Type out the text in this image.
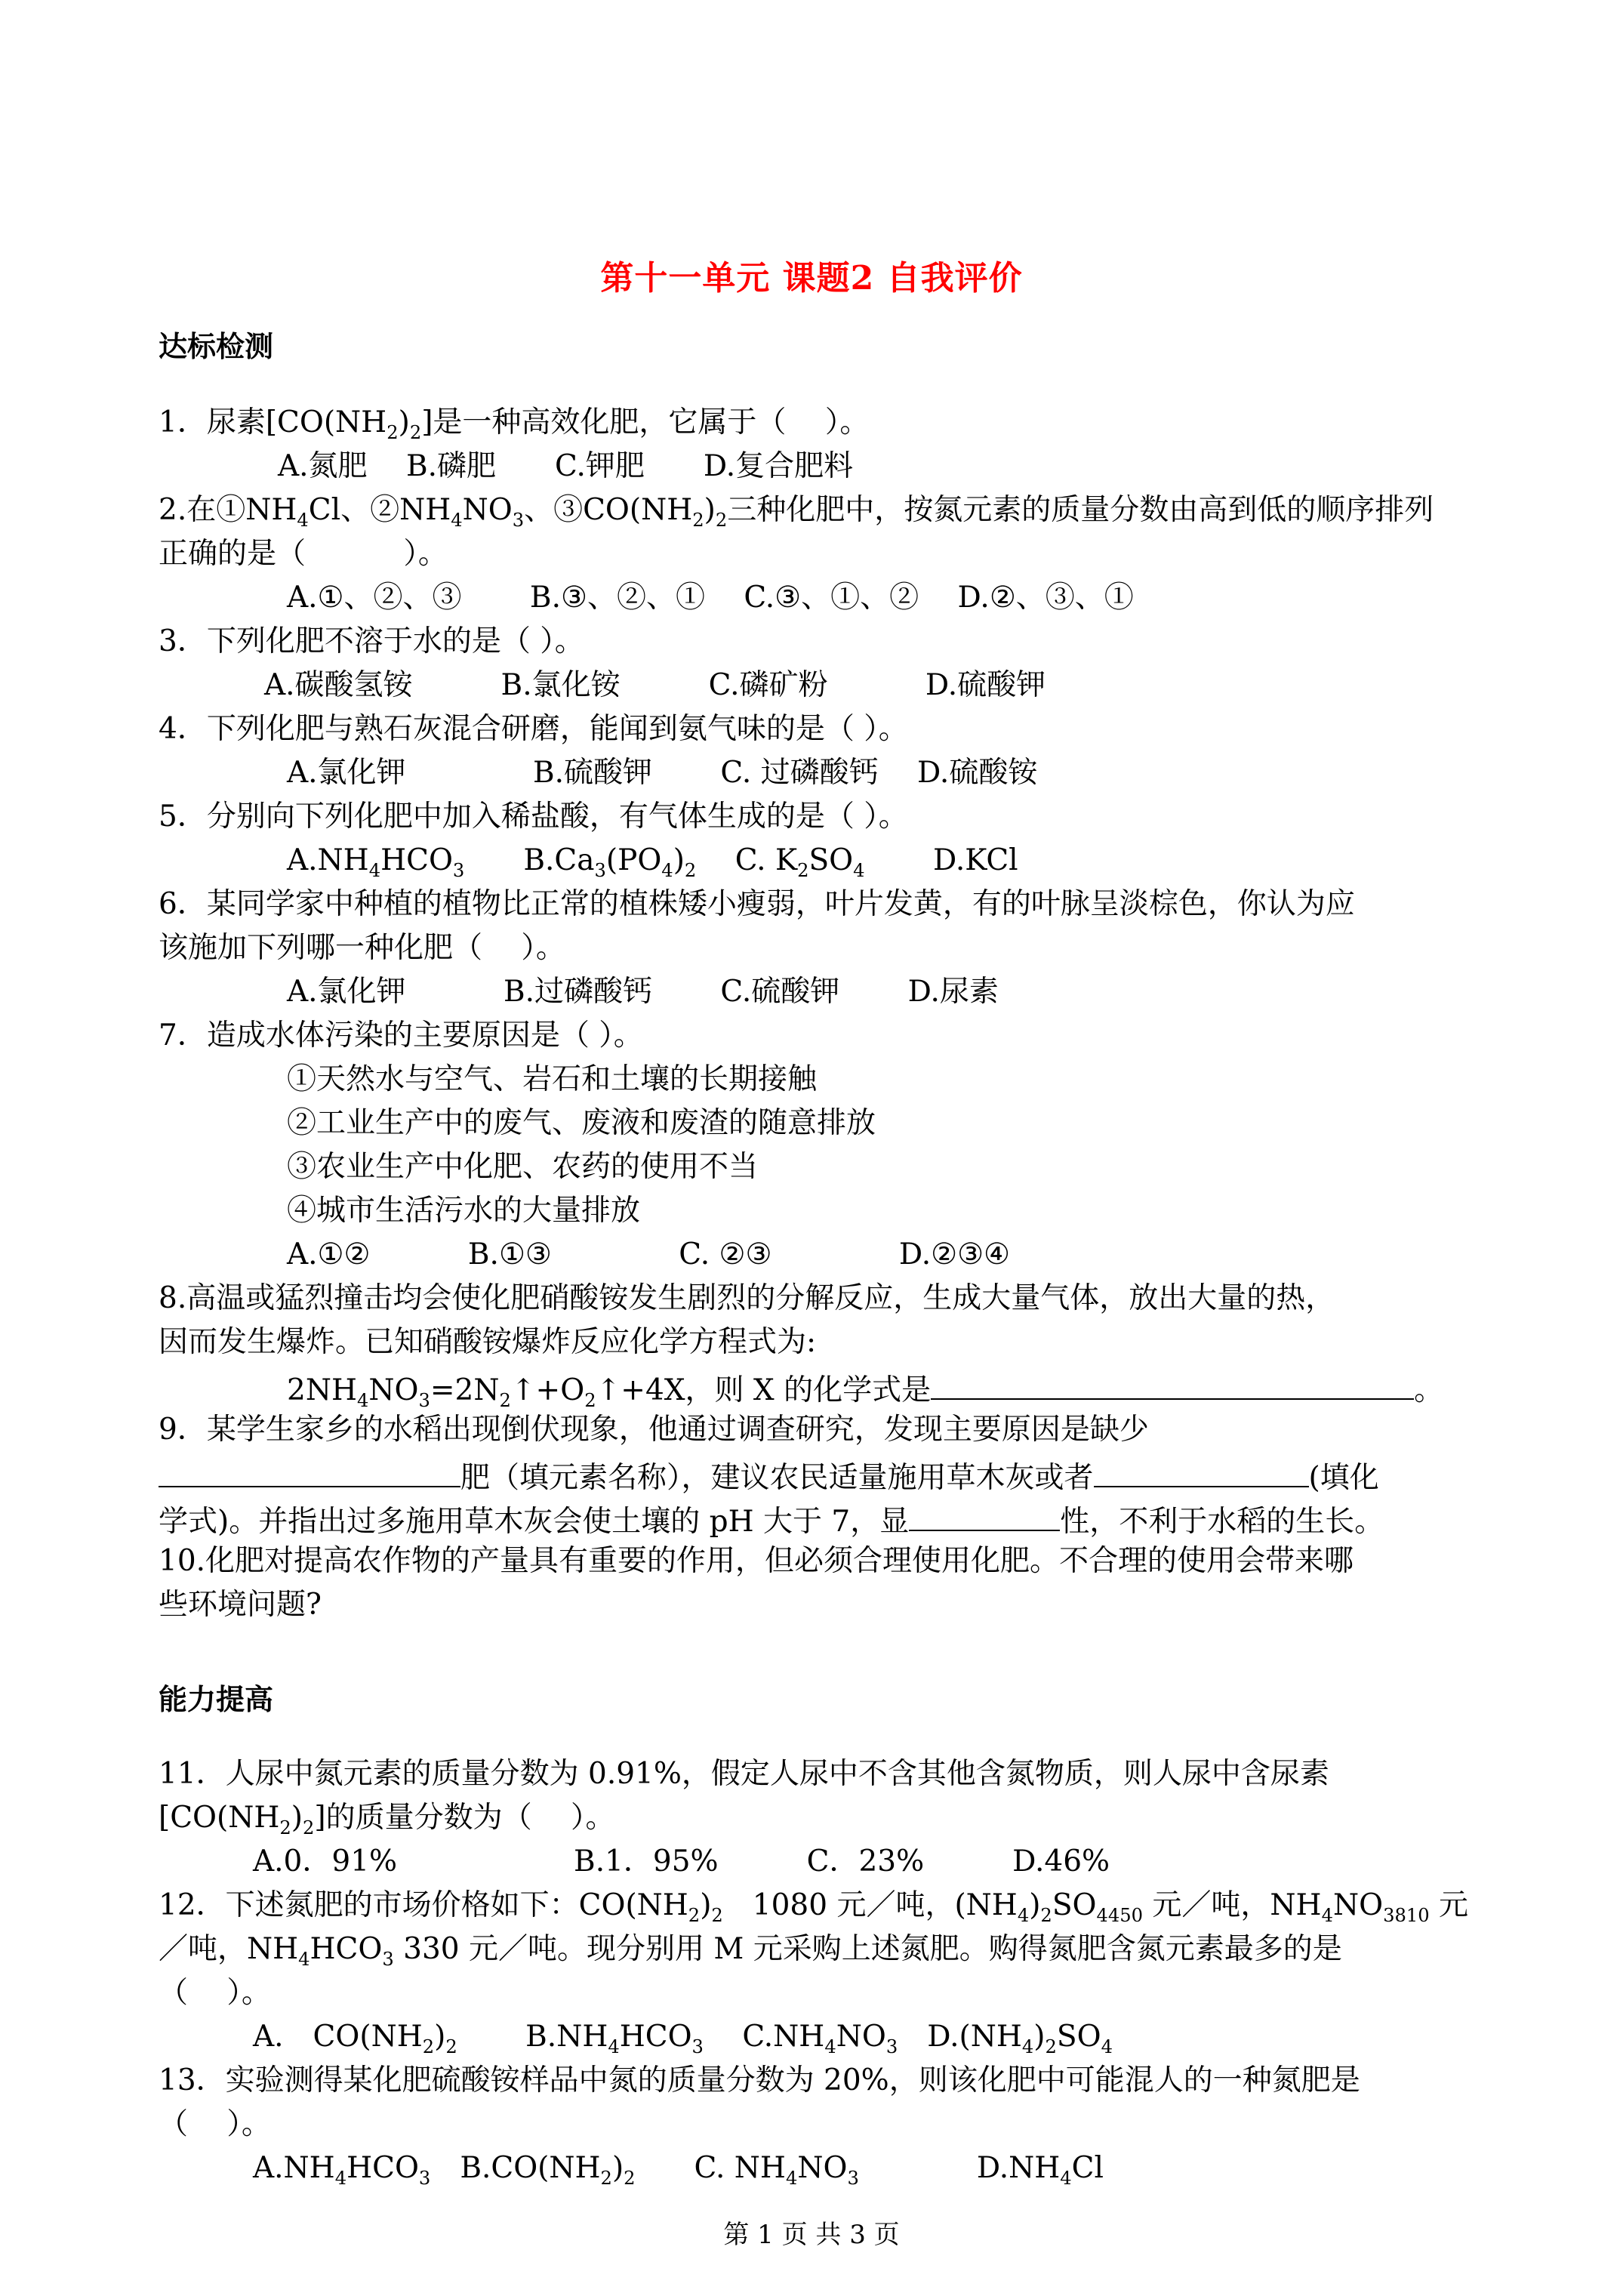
第十一单元 课题2 自我评价
达标检测
1．尿素$[CO(NH_2)_2]$是一种高效化肥，它属于（　 ）。
A.氮肥　 B.磷肥　　C.钾肥　　D.复合肥料
2.在$①NH_4Cl$、$②NH_4NO_3$、$③CO(NH_2)_2$三种化肥中，按氮元素的质量分数由高到低的顺序排列
正确的是（　　　 ）。
A.①、②、③　　 B.③、②、①　 C.③、①、②　 D.②、③、①
3．下列化肥不溶于水的是（ ）。
A.碳酸氢铵　　　B.氯化铵　　　C.磷矿粉　　　 D.硫酸钾
4．下列化肥与熟石灰混合研磨，能闻到氨气味的是（ ）。
A.氯化钾　　　　 B.硫酸钾　　 C. 过磷酸钙　 D.硫酸铵
5．分别向下列化肥中加入稀盐酸，有气体生成的是（ ）。
$A.NH_4HCO_3$　　$B.Ca_3(PO_4)_2$　 C. $K_2SO_4$　　 D.KCl
6．某同学家中种植的植物比正常的植株矮小瘦弱，叶片发黄，有的叶脉呈淡棕色，你认为应
该施加下列哪一种化肥（　 ）。
A.氯化钾　　　 B.过磷酸钙　　 C.硫酸钾　　 D.尿素
7．造成水体污染的主要原因是（ ）。
①天然水与空气、岩石和土壤的长期接触
②工业生产中的废气、废液和废渣的随意排放
③农业生产中化肥、农药的使用不当
④城市生活污水的大量排放
A.①②　　　 B.①③　　　　 C. ②③　　　　 D.②③④
8.高温或猛烈撞击均会使化肥硝酸铵发生剧烈的分解反应，生成大量气体，放出大量的热，
因而发生爆炸。已知硝酸铵爆炸反应化学方程式为:
$2NH_4NO_3=2N_2↑+O_2↑+4X$，则 X 的化学式是	。
9．某学生家乡的水稻出现倒伏现象，他通过调查研究，发现主要原因是缺少
肥（填元素名称），建议农民适量施用草木灰或者	(填化
学式)。并指出过多施用草木灰会使土壤的 pH 大于 7，显	性，不利于水稻的生长。
10.化肥对提高农作物的产量具有重要的作用，但必须合理使用化肥。不合理的使用会带来哪
些环境问题?
能力提高
11．人尿中氮元素的质量分数为 0.91%，假定人尿中不含其他含氮物质，则人尿中含尿素
$[CO(NH_2)_2]$的质量分数为（　 ）。
A.0．91%　　　　　　B.1．95%　　　C．23%　　　D.46%
12．下述氮肥的市场价格如下：$CO(NH_2)_2$　1080 元／吨，$(NH_4)_2SO_{4450}$ 元／吨，$NH_4NO_{3810}$ 元
／吨，$NH_4HCO_3$ 330 元／吨。现分别用 M 元采购上述氮肥。购得氮肥含氮元素最多的是
（　 ）。
A.　$CO(NH_2)_2$　　 $B.NH_4HCO_3$　 $C.NH_4NO_3$　$D.(NH_4)_2SO_4$
13．实验测得某化肥硫酸铵样品中氮的质量分数为 20%，则该化肥中可能混人的一种氮肥是
（　 ）。
$A.NH_4HCO_3$　$B.CO(NH_2)_2$　　C. $NH_4NO_3$　　　　$D.NH_4Cl$
第 1 页 共 3 页
